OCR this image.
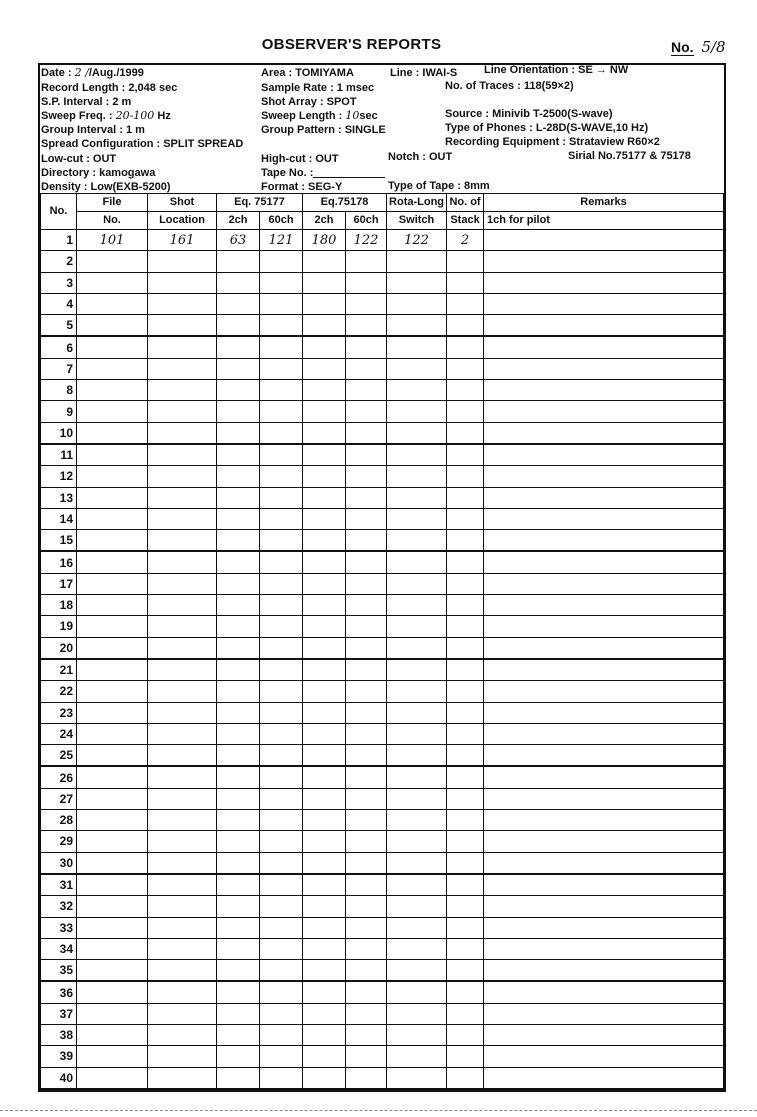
OBSERVER'S REPORTS	No. 5/8
Date : 2 //Aug./1999
Record Length : 2,048 sec
S.P. Interval : 2 m
Sweep Freq. : 20-100 Hz
Group Interval : 1 m
Spread Configuration : SPLIT SPREAD
Low-cut : OUT
Directory : kamogawa
Density : Low(EXB-5200)
Area : TOMIYAMA	Line : IWAI-S Line Orientation : SE → NW
Sample Rate : 1 msec	No. of Traces : 118(59×2)
Shot Array : SPOT
Sweep Length : 10sec	Source : Minivib T-2500(S-wave)
Group Pattern : SINGLE	Type of Phones : L-28D(S-WAVE,10 Hz)
Recording Equipment : Strataview R60×2
High-cut : OUT	Notch : OUT	Sirial No.75177 & 75178
Tape No. :
Format : SEG-Y	Type of Tape : 8mm
No.	File	Shot	Eq. 75177		Eq.75178		Rota-Long	No. of	Remarks
	No.	Location	2ch	60ch	2ch	60ch	Switch	Stack	1ch for pilot
1	101	161	63	121	180	122	122	2	
2									
3									
4									
5									
6									
7									
8									
9									
10									
11									
12									
13									
14									
15									
16									
17									
18									
19									
20									
21									
22									
23									
24									
25									
26									
27									
28									
29									
30									
31									
32									
33									
34									
35									
36									
37									
38									
39									
40									
